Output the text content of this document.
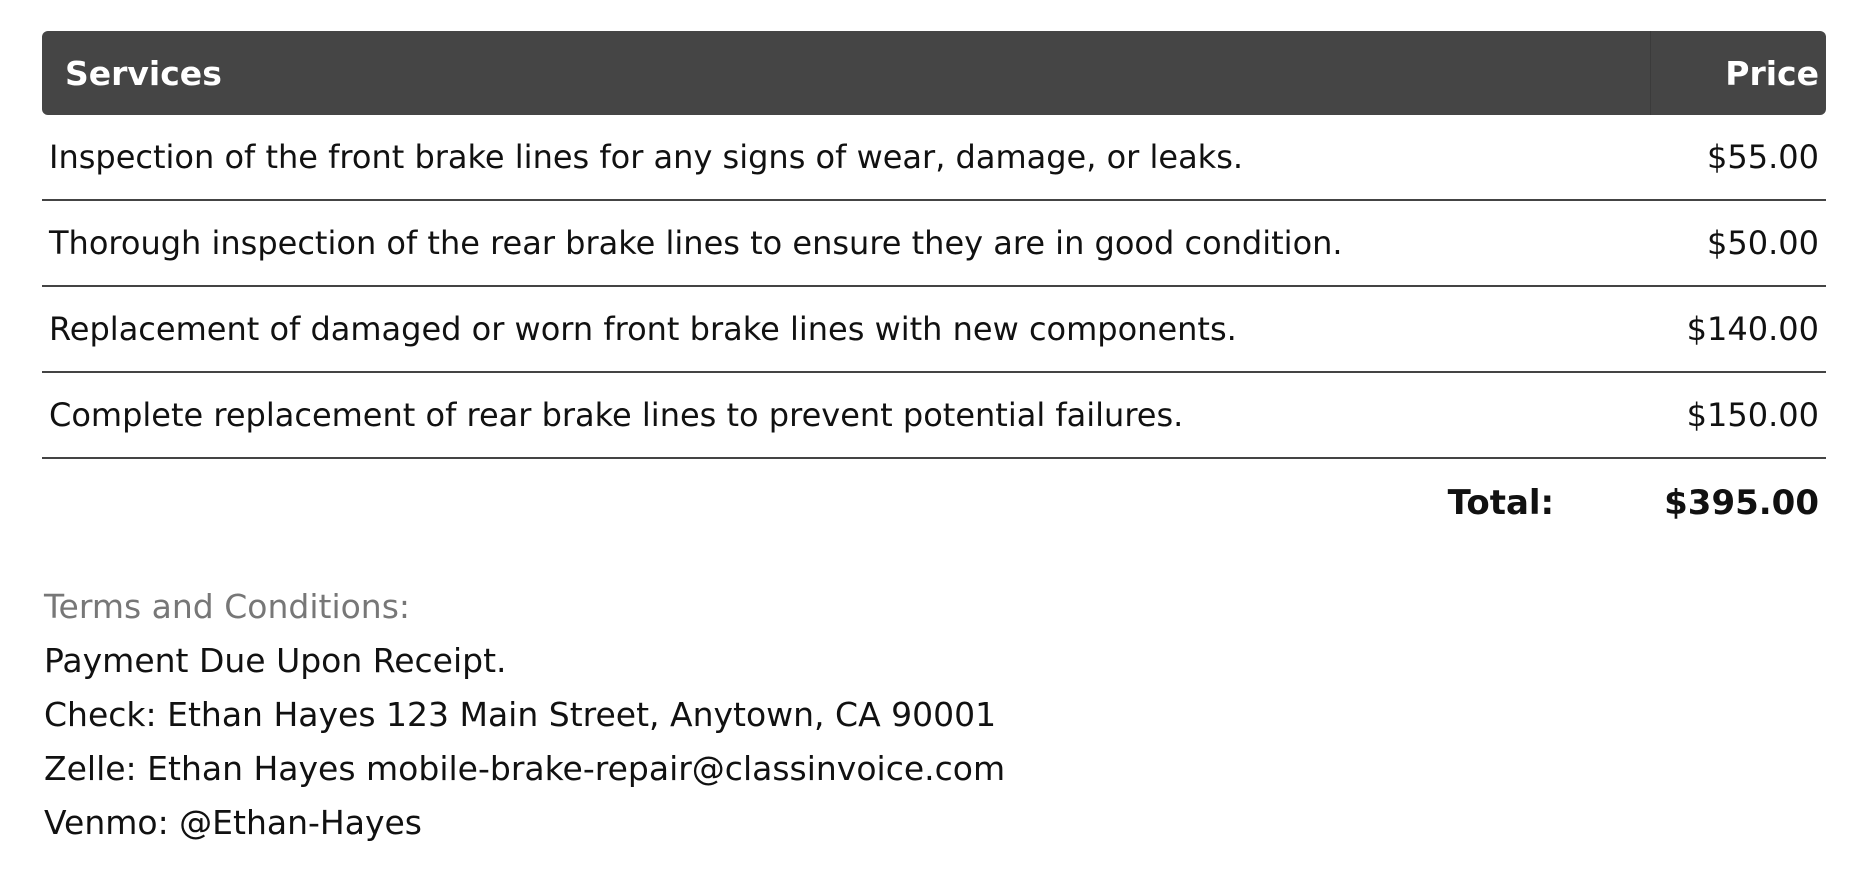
Services	Price
Inspection of the front brake lines for any signs of wear, damage, or leaks.	$55.00
Thorough inspection of the rear brake lines to ensure they are in good condition.	$50.00
Replacement of damaged or worn front brake lines with new components.	$140.00
Complete replacement of rear brake lines to prevent potential failures.	$150.00
Total:	$395.00
Terms and Conditions:
Payment Due Upon Receipt.
Check: Ethan Hayes 123 Main Street, Anytown, CA 90001
Zelle: Ethan Hayes mobile-brake-repair@classinvoice.com
Venmo: @Ethan-Hayes
